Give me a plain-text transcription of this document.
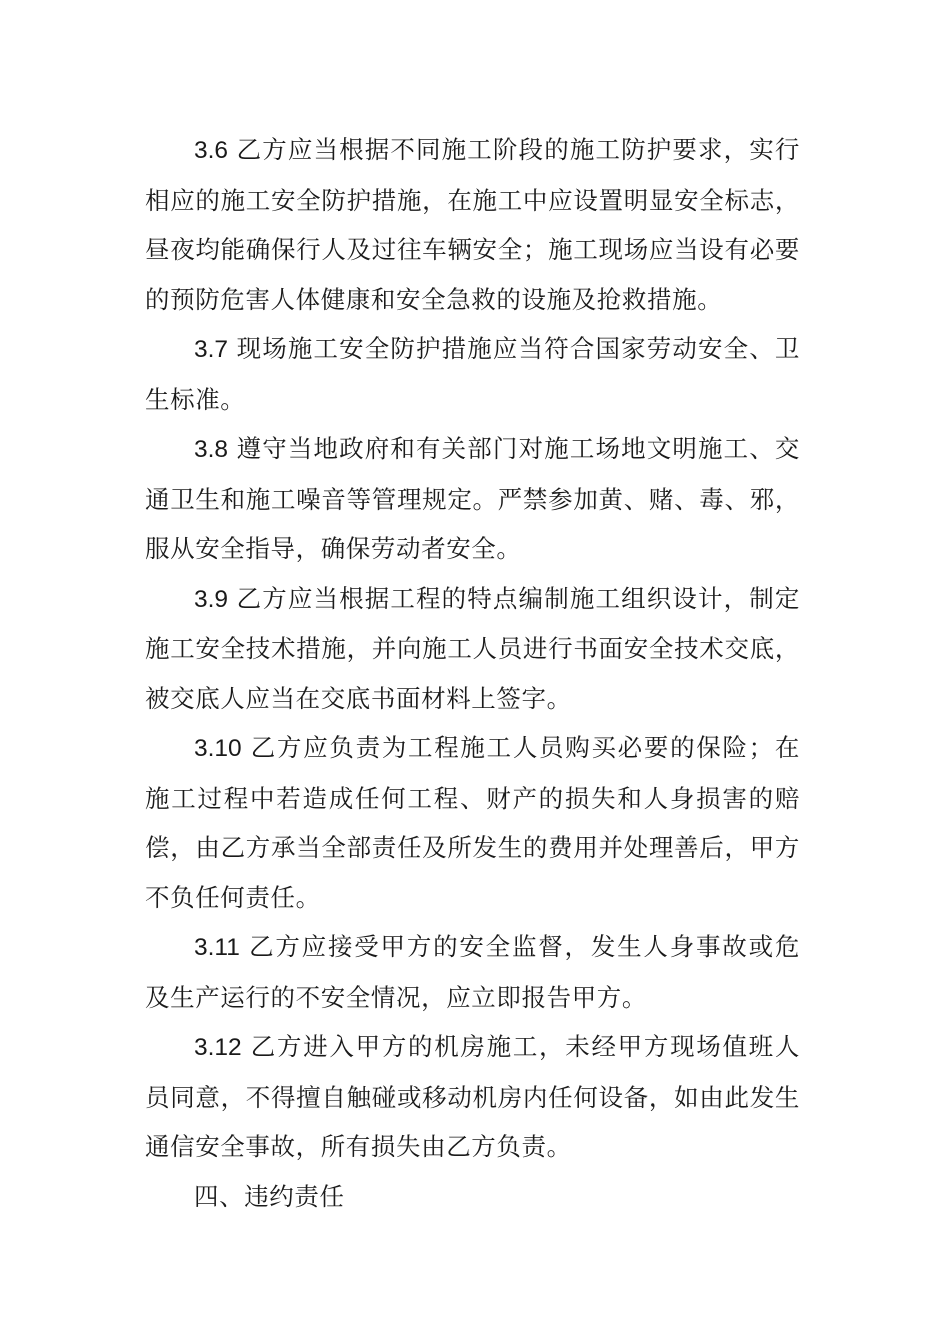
3.6 乙方应当根据不同施工阶段的施工防护要求，实行相应的施工安全防护措施，在施工中应设置明显安全标志，昼夜均能确保行人及过往车辆安全；施工现场应当设有必要的预防危害人体健康和安全急救的设施及抢救措施。

3.7 现场施工安全防护措施应当符合国家劳动安全、卫生标准。

3.8 遵守当地政府和有关部门对施工场地文明施工、交通卫生和施工噪音等管理规定。严禁参加黄、赌、毒、邪，服从安全指导，确保劳动者安全。

3.9 乙方应当根据工程的特点编制施工组织设计，制定施工安全技术措施，并向施工人员进行书面安全技术交底，被交底人应当在交底书面材料上签字。

3.10 乙方应负责为工程施工人员购买必要的保险；在施工过程中若造成任何工程、财产的损失和人身损害的赔偿，由乙方承当全部责任及所发生的费用并处理善后，甲方不负任何责任。

3.11 乙方应接受甲方的安全监督，发生人身事故或危及生产运行的不安全情况，应立即报告甲方。

3.12 乙方进入甲方的机房施工，未经甲方现场值班人员同意，不得擅自触碰或移动机房内任何设备，如由此发生通信安全事故，所有损失由乙方负责。

四、违约责任
